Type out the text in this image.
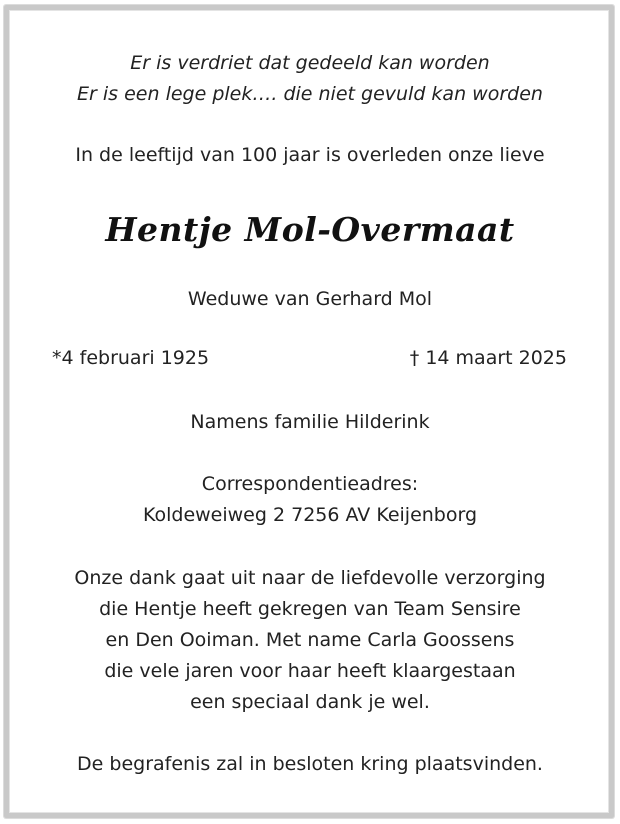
Er is verdriet dat gedeeld kan worden
Er is een lege plek…. die niet gevuld kan worden
In de leeftijd van 100 jaar is overleden onze lieve
Hentje Mol-Overmaat
Weduwe van Gerhard Mol
*4 februari 1925	† 14 maart 2025
Namens familie Hilderink
Correspondentieadres:
Koldeweiweg 2 7256 AV Keijenborg
Onze dank gaat uit naar de liefdevolle verzorging
die Hentje heeft gekregen van Team Sensire
en Den Ooiman. Met name Carla Goossens
die vele jaren voor haar heeft klaargestaan
een speciaal dank je wel.
De begrafenis zal in besloten kring plaatsvinden.
